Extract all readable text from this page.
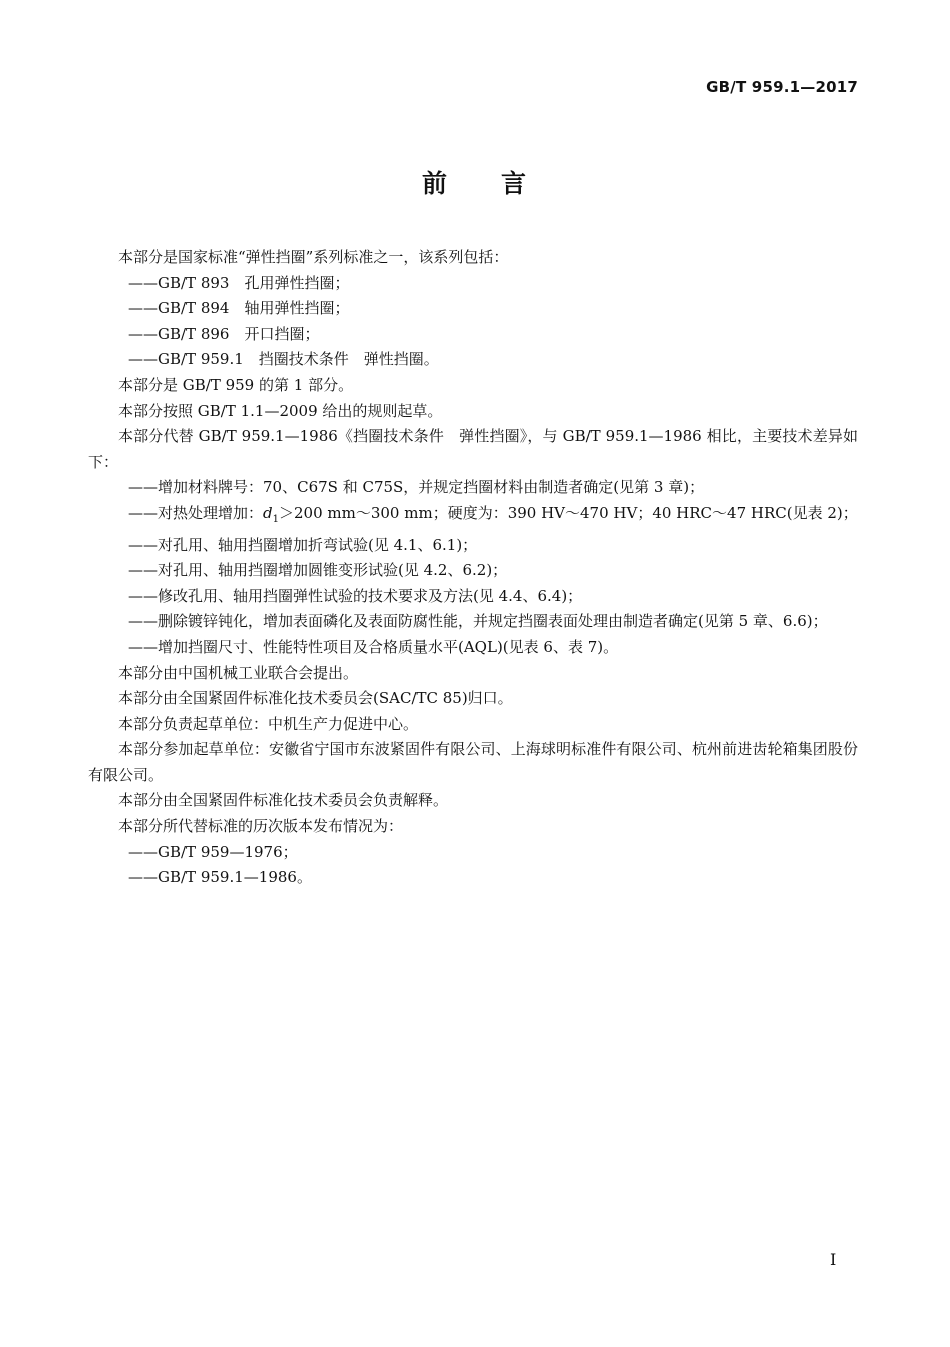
GB/T 959.1—2017
前 言

本部分是国家标准“弹性挡圈”系列标准之一，该系列包括：

——GB/T 893　孔用弹性挡圈；

——GB/T 894　轴用弹性挡圈；

——GB/T 896　开口挡圈；

——GB/T 959.1　挡圈技术条件　弹性挡圈。

本部分是 GB/T 959 的第 1 部分。

本部分按照 GB/T 1.1—2009 给出的规则起草。

本部分代替 GB/T 959.1—1986《挡圈技术条件　弹性挡圈》，与 GB/T 959.1—1986 相比，主要技术差异如下：

——增加材料牌号：70、C67S 和 C75S，并规定挡圈材料由制造者确定(见第 3 章)；

——对热处理增加：$d_1>200$ mm～300 mm；硬度为：390 HV～470 HV；40 HRC～47 HRC(见表 2)；

——对孔用、轴用挡圈增加折弯试验(见 4.1、6.1)；

——对孔用、轴用挡圈增加圆锥变形试验(见 4.2、6.2)；

——修改孔用、轴用挡圈弹性试验的技术要求及方法(见 4.4、6.4)；

——删除镀锌钝化，增加表面磷化及表面防腐性能，并规定挡圈表面处理由制造者确定(见第 5 章、6.6)；

——增加挡圈尺寸、性能特性项目及合格质量水平(AQL)(见表 6、表 7)。

本部分由中国机械工业联合会提出。

本部分由全国紧固件标准化技术委员会(SAC/TC 85)归口。

本部分负责起草单位：中机生产力促进中心。

本部分参加起草单位：安徽省宁国市东波紧固件有限公司、上海球明标准件有限公司、杭州前进齿轮箱集团股份有限公司。

本部分由全国紧固件标准化技术委员会负责解释。

本部分所代替标准的历次版本发布情况为：

——GB/T 959—1976；

——GB/T 959.1—1986。

I
